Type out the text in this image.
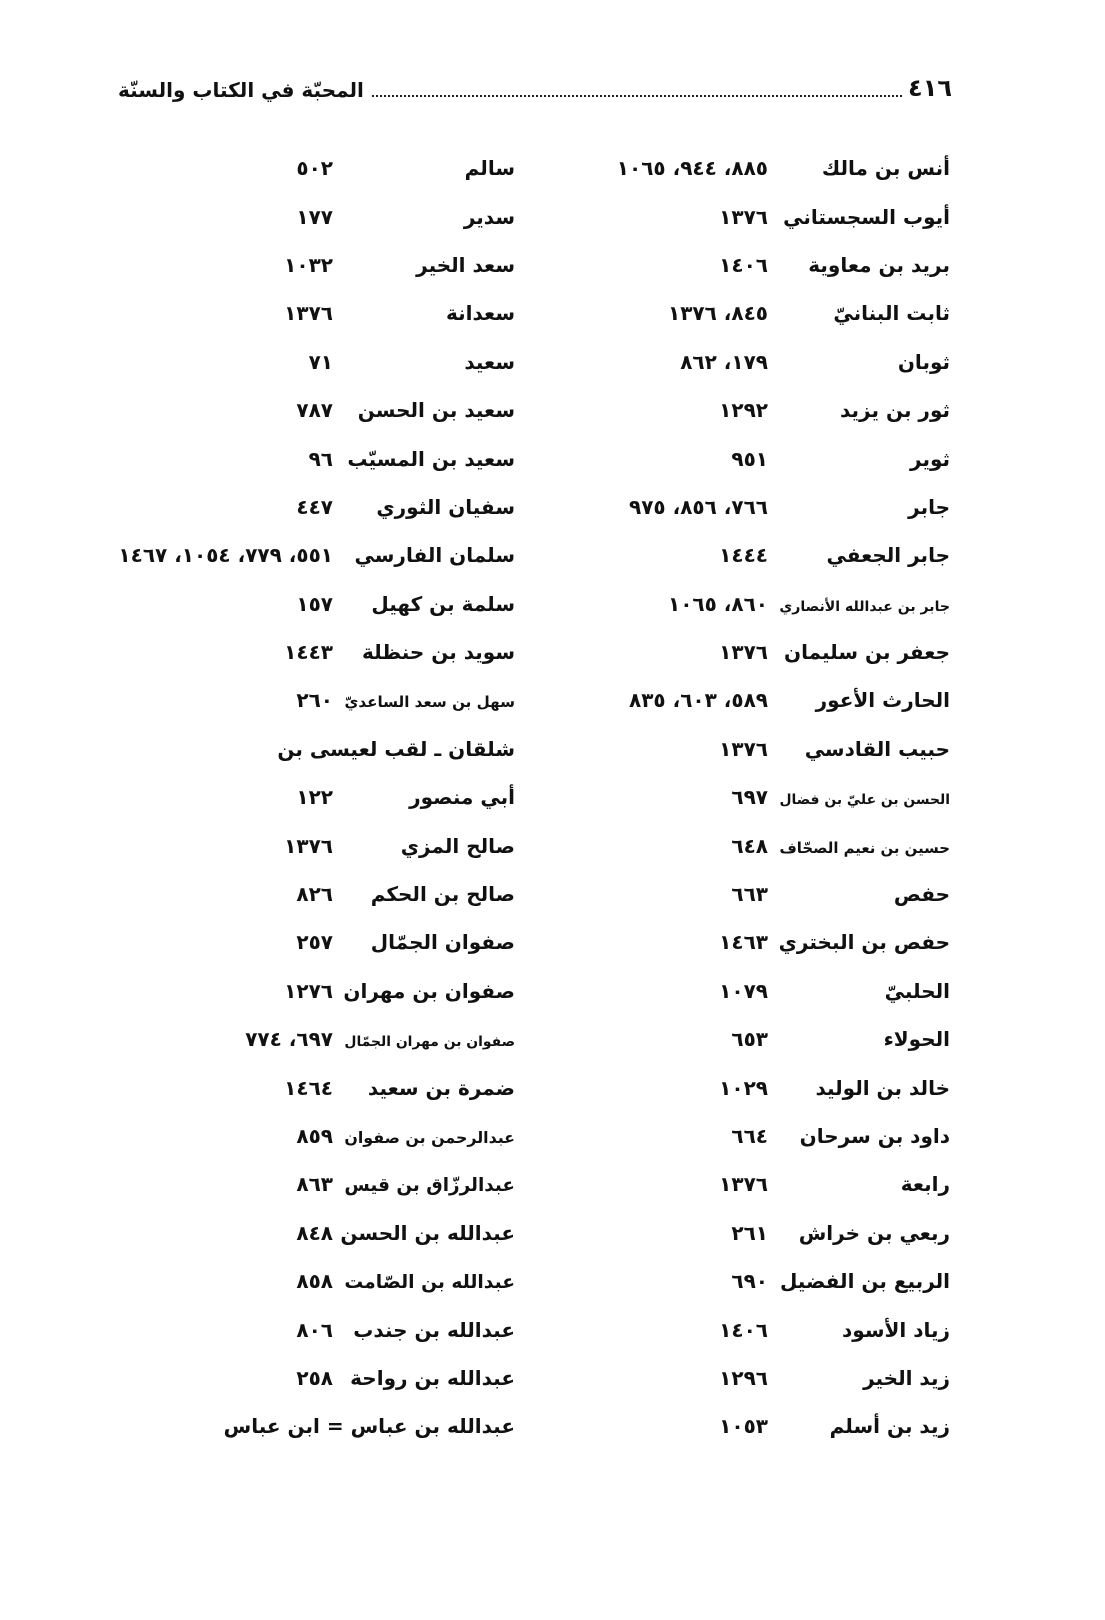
٤١٦
المحبّة في الكتاب والسنّة
أنس بن مالك
٨٨٥، ٩٤٤، ١٠٦٥
أيوب السجستاني
١٣٧٦
بريد بن معاوية
١٤٠٦
ثابت البنانيّ
٨٤٥، ١٣٧٦
ثوبان
١٧٩، ٨٦٢
ثور بن يزيد
١٢٩٢
ثوير
٩٥١
جابر
٧٦٦، ٨٥٦، ٩٧٥
جابر الجعفي
١٤٤٤
جابر بن عبدالله الأنصاري
٨٦٠، ١٠٦٥
جعفر بن سليمان
١٣٧٦
الحارث الأعور
٥٨٩، ٦٠٣، ٨٣٥
حبيب القادسي
١٣٧٦
الحسن بن عليّ بن فضال
٦٩٧
حسين بن نعيم الصحّاف
٦٤٨
حفص
٦٦٣
حفص بن البختري
١٤٦٣
الحلبيّ
١٠٧٩
الحولاء
٦٥٣
خالد بن الوليد
١٠٢٩
داود بن سرحان
٦٦٤
رابعة
١٣٧٦
ربعي بن خراش
٢٦١
الربيع بن الفضيل
٦٩٠
زياد الأسود
١٤٠٦
زيد الخير
١٢٩٦
زيد بن أسلم
١٠٥٣
سالم
٥٠٢
سدير
١٧٧
سعد الخير
١٠٣٢
سعدانة
١٣٧٦
سعيد
٧١
سعيد بن الحسن
٧٨٧
سعيد بن المسيّب
٩٦
سفيان الثوري
٤٤٧
سلمان الفارسي
٥٥١، ٧٧٩، ١٠٥٤، ١٤٦٧
سلمة بن كهيل
١٥٧
سويد بن حنظلة
١٤٤٣
سهل بن سعد الساعديّ
٢٦٠
شلقان ـ لقب لعيسى بن
أبي منصور
١٢٢
صالح المزي
١٣٧٦
صالح بن الحكم
٨٢٦
صفوان الجمّال
٢٥٧
صفوان بن مهران
١٢٧٦
صفوان بن مهران الجمّال
٦٩٧، ٧٧٤
ضمرة بن سعيد
١٤٦٤
عبدالرحمن بن صفوان
٨٥٩
عبدالرزّاق بن قيس
٨٦٣
عبدالله بن الحسن
٨٤٨
عبدالله بن الصّامت
٨٥٨
عبدالله بن جندب
٨٠٦
عبدالله بن رواحة
٢٥٨
عبدالله بن عباس = ابن عباس
